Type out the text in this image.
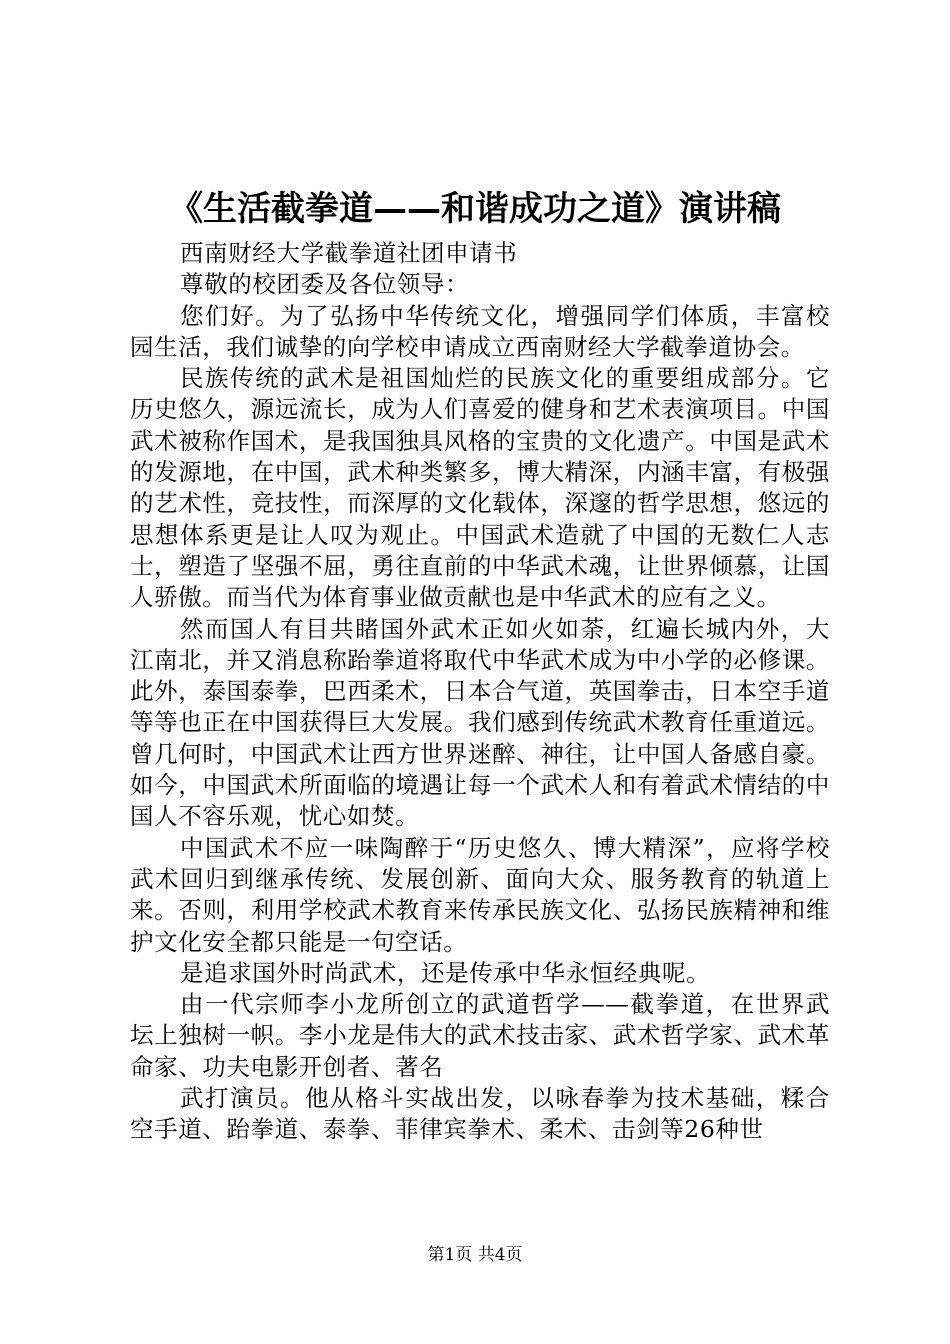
《生活截拳道——和谐成功之道》演讲稿

西南财经大学截拳道社团申请书

尊敬的校团委及各位领导：

您们好。为了弘扬中华传统文化，增强同学们体质，丰富校园生活，我们诚挚的向学校申请成立西南财经大学截拳道协会。

民族传统的武术是祖国灿烂的民族文化的重要组成部分。它历史悠久，源远流长，成为人们喜爱的健身和艺术表演项目。中国武术被称作国术，是我国独具风格的宝贵的文化遗产。中国是武术的发源地，在中国，武术种类繁多，博大精深，内涵丰富，有极强的艺术性，竞技性，而深厚的文化载体，深邃的哲学思想，悠远的思想体系更是让人叹为观止。中国武术造就了中国的无数仁人志士，塑造了坚强不屈，勇往直前的中华武术魂，让世界倾慕，让国人骄傲。而当代为体育事业做贡献也是中华武术的应有之义。

然而国人有目共睹国外武术正如火如荼，红遍长城内外，大江南北，并又消息称跆拳道将取代中华武术成为中小学的必修课。此外，泰国泰拳，巴西柔术，日本合气道，英国拳击，日本空手道等等也正在中国获得巨大发展。我们感到传统武术教育任重道远。曾几何时，中国武术让西方世界迷醉、神往，让中国人备感自豪。如今，中国武术所面临的境遇让每一个武术人和有着武术情结的中国人不容乐观，忧心如焚。

中国武术不应一味陶醉于“历史悠久、博大精深”，应将学校武术回归到继承传统、发展创新、面向大众、服务教育的轨道上来。否则，利用学校武术教育来传承民族文化、弘扬民族精神和维护文化安全都只能是一句空话。

是追求国外时尚武术，还是传承中华永恒经典呢。

由一代宗师李小龙所创立的武道哲学——截拳道，在世界武坛上独树一帜。李小龙是伟大的武术技击家、武术哲学家、武术革命家、功夫电影开创者、著名

武打演员。他从格斗实战出发，以咏春拳为技术基础，糅合空手道、跆拳道、泰拳、菲律宾拳术、柔术、击剑等26种世

第1页 共4页
